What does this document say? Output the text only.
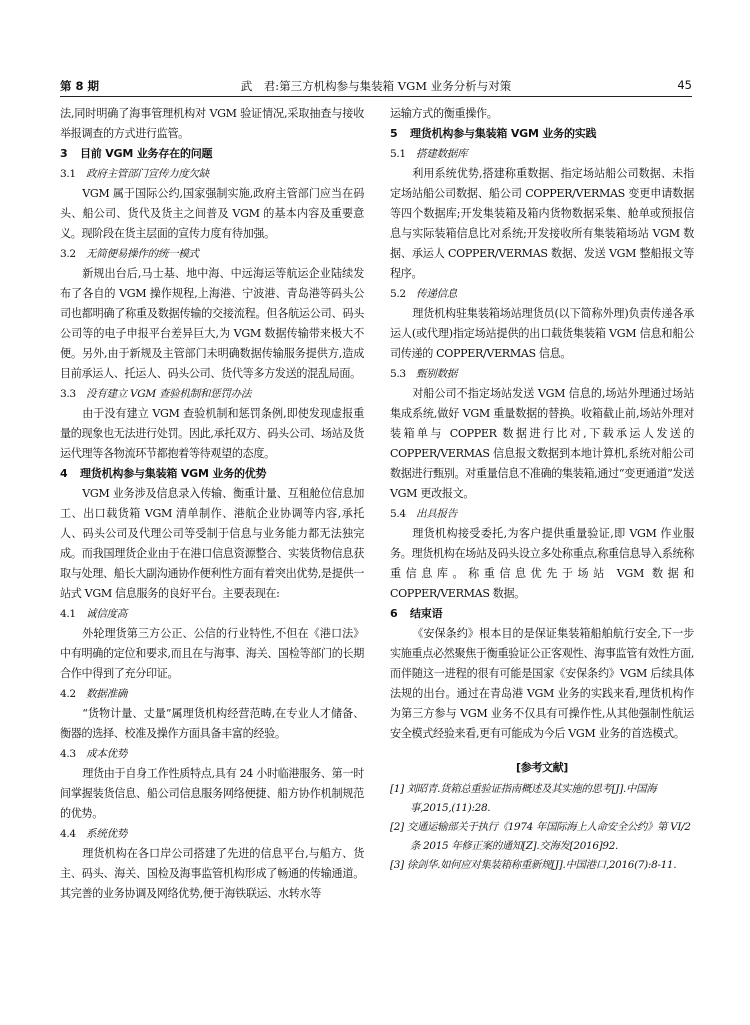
第 8 期	武　君:第三方机构参与集装箱 VGM 业务分析与对策	45

法,同时明确了海事管理机构对 VGM 验证情况,采取抽查与接收举报调查的方式进行监管。

3 目前 VGM 业务存在的问题
3.1 政府主管部门宣传力度欠缺

VGM 属于国际公约,国家强制实施,政府主管部门应当在码头、船公司、货代及货主之间普及 VGM 的基本内容及重要意义。现阶段在货主层面的宣传力度有待加强。

3.2 无简便易操作的统一模式

新规出台后,马士基、地中海、中远海运等航运企业陆续发布了各自的 VGM 操作规程,上海港、宁波港、青岛港等码头公司也都明确了称重及数据传输的交接流程。但各航运公司、码头公司等的电子申报平台差异巨大,为 VGM 数据传输带来极大不便。另外,由于新规及主管部门未明确数据传输服务提供方,造成目前承运人、托运人、码头公司、货代等多方发送的混乱局面。

3.3 没有建立 VGM 查验机制和惩罚办法

由于没有建立 VGM 查验机制和惩罚条例,即使发现虚报重量的现象也无法进行处罚。因此,承托双方、码头公司、场站及货运代理等各物流环节都抱着等待观望的态度。

4 理货机构参与集装箱 VGM 业务的优势

VGM 业务涉及信息录入传输、衡重计量、互租舱位信息加工、出口载货箱 VGM 清单制作、港航企业协调等内容,承托人、码头公司及代理公司等受制于信息与业务能力都无法独完成。而我国理货企业由于在港口信息资源整合、实装货物信息获取与处理、船长大副沟通协作便利性方面有着突出优势,是提供一站式 VGM 信息服务的良好平台。主要表现在:

4.1 诚信度高

外轮理货第三方公正、公信的行业特性,不但在《港口法》中有明确的定位和要求,而且在与海事、海关、国检等部门的长期合作中得到了充分印证。

4.2 数据准确

“货物计量、丈量”属理货机构经营范畴,在专业人才储备、衡器的选择、校准及操作方面具备丰富的经验。

4.3 成本优势

理货由于自身工作性质特点,具有 24 小时临港服务、第一时间掌握装货信息、船公司信息服务网络便捷、船方协作机制规范的优势。

4.4 系统优势

理货机构在各口岸公司搭建了先进的信息平台,与船方、货主、码头、海关、国检及海事监管机构形成了畅通的传输通道。其完善的业务协调及网络优势,便于海铁联运、水转水等

运输方式的衡重操作。

5 理货机构参与集装箱 VGM 业务的实践
5.1 搭建数据库

利用系统优势,搭建称重数据、指定场站船公司数据、未指定场站船公司数据、船公司 COPPER/VERMAS 变更申请数据等四个数据库;开发集装箱及箱内货物数据采集、舱单或预报信息与实际装箱信息比对系统;开发接收所有集装箱场站 VGM 数据、承运人 COPPER/VERMAS 数据、发送 VGM 整船报文等程序。

5.2 传递信息

理货机构驻集装箱场站理货员(以下简称外理)负责传递各承运人(或代理)指定场站提供的出口载货集装箱 VGM 信息和船公司传递的 COPPER/VERMAS 信息。

5.3 甄别数据

对船公司不指定场站发送 VGM 信息的,场站外理通过场站集成系统,做好 VGM 重量数据的替换。收箱截止前,场站外理对装箱单与 COPPER 数据进行比对,下载承运人发送的 COPPER/VERMAS 信息报文数据到本地计算机,系统对船公司数据进行甄别。对重量信息不准确的集装箱,通过“变更通道”发送 VGM 更改报文。

5.4 出具报告

理货机构接受委托,为客户提供重量验证,即 VGM 作业服务。理货机构在场站及码头设立多处称重点,称重信息导入系统称重信息库。称重信息优先于场站 VGM 数据和 COPPER/VERMAS 数据。

6 结束语

《安保条约》根本目的是保证集装箱船舶航行安全,下一步实施重点必然聚焦于衡重验证公正客观性、海事监管有效性方面,而伴随这一进程的很有可能是国家《安保条约》VGM 后续具体法规的出台。通过在青岛港 VGM 业务的实践来看,理货机构作为第三方参与 VGM 业务不仅具有可操作性,从其他强制性航运安全模式经验来看,更有可能成为今后 VGM 业务的首选模式。

[参考文献]
[1] 刘昭青.货箱总重验证指南概述及其实施的思考[J].中国海事,2015,(11):28.
[2] 交通运输部关于执行《1974 年国际海上人命安全公约》第 VI/2 条 2015 年修正案的通知[Z].交海发[2016]92.
[3] 徐剑华.如何应对集装箱称重新规[J].中国港口,2016(7):8-11.
